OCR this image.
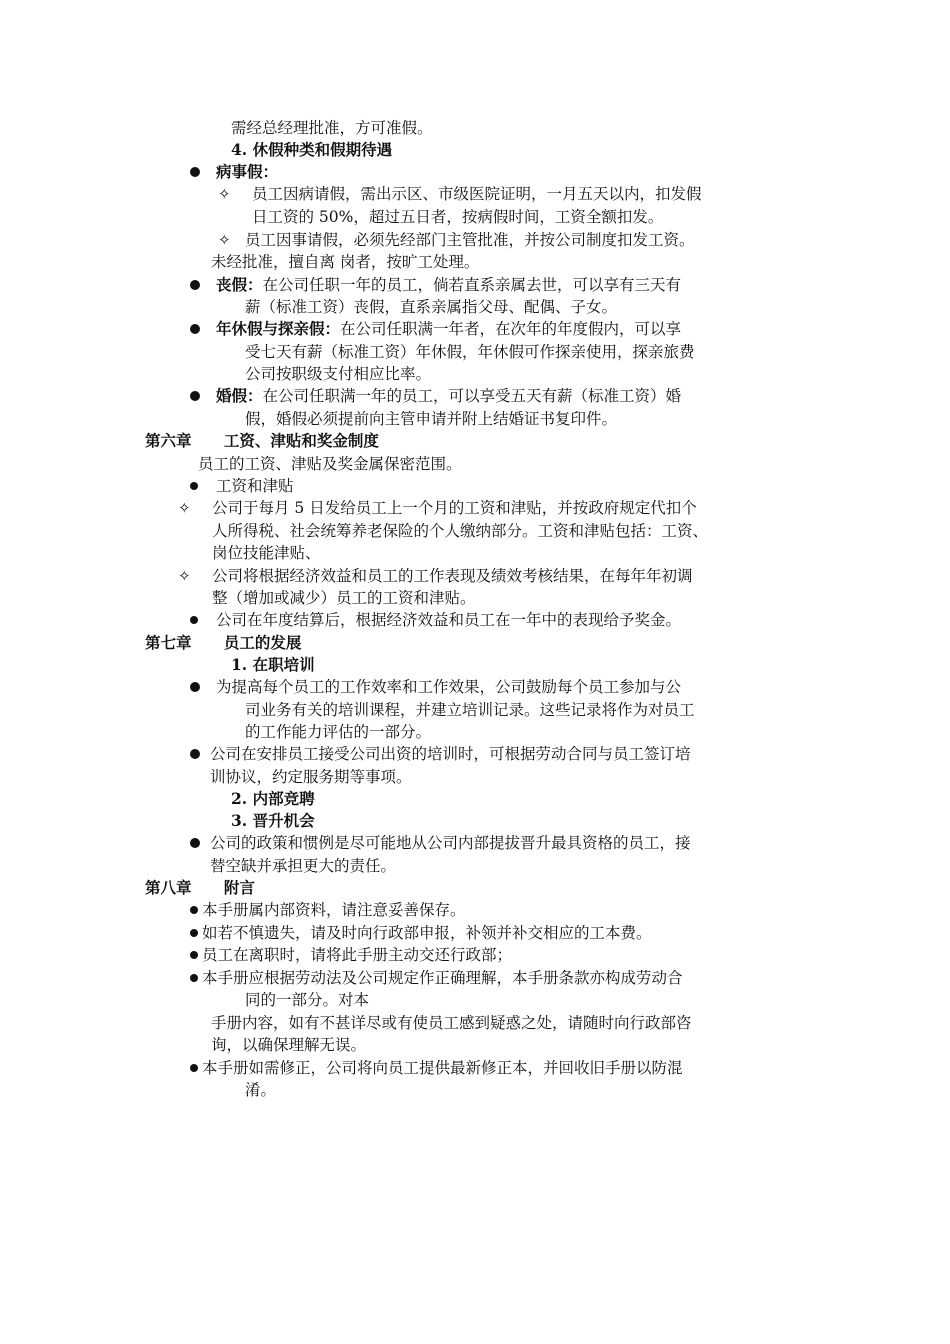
需经总经理批准，方可准假。

4. 休假种类和假期待遇

病事假：

✧ 员工因病请假，需出示区、市级医院证明，一月五天以内，扣发假

日工资的 50%，超过五日者，按病假时间，工资全额扣发。

✧ 员工因事请假，必须先经部门主管批准，并按公司制度扣发工资。

未经批准，擅自离 岗者，按旷工处理。

丧假：在公司任职一年的员工，倘若直系亲属去世，可以享有三天有

薪（标准工资）丧假，直系亲属指父母、配偶、子女。

年休假与探亲假：在公司任职满一年者，在次年的年度假内，可以享

受七天有薪（标准工资）年休假，年休假可作探亲使用，探亲旅费

公司按职级支付相应比率。

婚假：在公司任职满一年的员工，可以享受五天有薪（标准工资）婚

假，婚假必须提前向主管申请并附上结婚证书复印件。

第六章      工资、津贴和奖金制度

员工的工资、津贴及奖金属保密范围。

工资和津贴

✧ 公司于每月 5 日发给员工上一个月的工资和津贴，并按政府规定代扣个

人所得税、社会统筹养老保险的个人缴纳部分。工资和津贴包括：工资、

岗位技能津贴、

✧ 公司将根据经济效益和员工的工作表现及绩效考核结果，在每年年初调

整（增加或减少）员工的工资和津贴。

公司在年度结算后，根据经济效益和员工在一年中的表现给予奖金。

第七章      员工的发展

1. 在职培训

为提高每个员工的工作效率和工作效果，公司鼓励每个员工参加与公

司业务有关的培训课程，并建立培训记录。这些记录将作为对员工

的工作能力评估的一部分。

公司在安排员工接受公司出资的培训时，可根据劳动合同与员工签订培

训协议，约定服务期等事项。

2. 内部竞聘

3. 晋升机会

公司的政策和惯例是尽可能地从公司内部提拔晋升最具资格的员工，接

替空缺并承担更大的责任。

第八章      附言

本手册属内部资料，请注意妥善保存。

如若不慎遗失，请及时向行政部申报，补领并补交相应的工本费。

员工在离职时，请将此手册主动交还行政部；

本手册应根据劳动法及公司规定作正确理解，本手册条款亦构成劳动合

同的一部分。对本

手册内容，如有不甚详尽或有使员工感到疑惑之处，请随时向行政部咨

询，以确保理解无误。

本手册如需修正，公司将向员工提供最新修正本，并回收旧手册以防混

淆。
